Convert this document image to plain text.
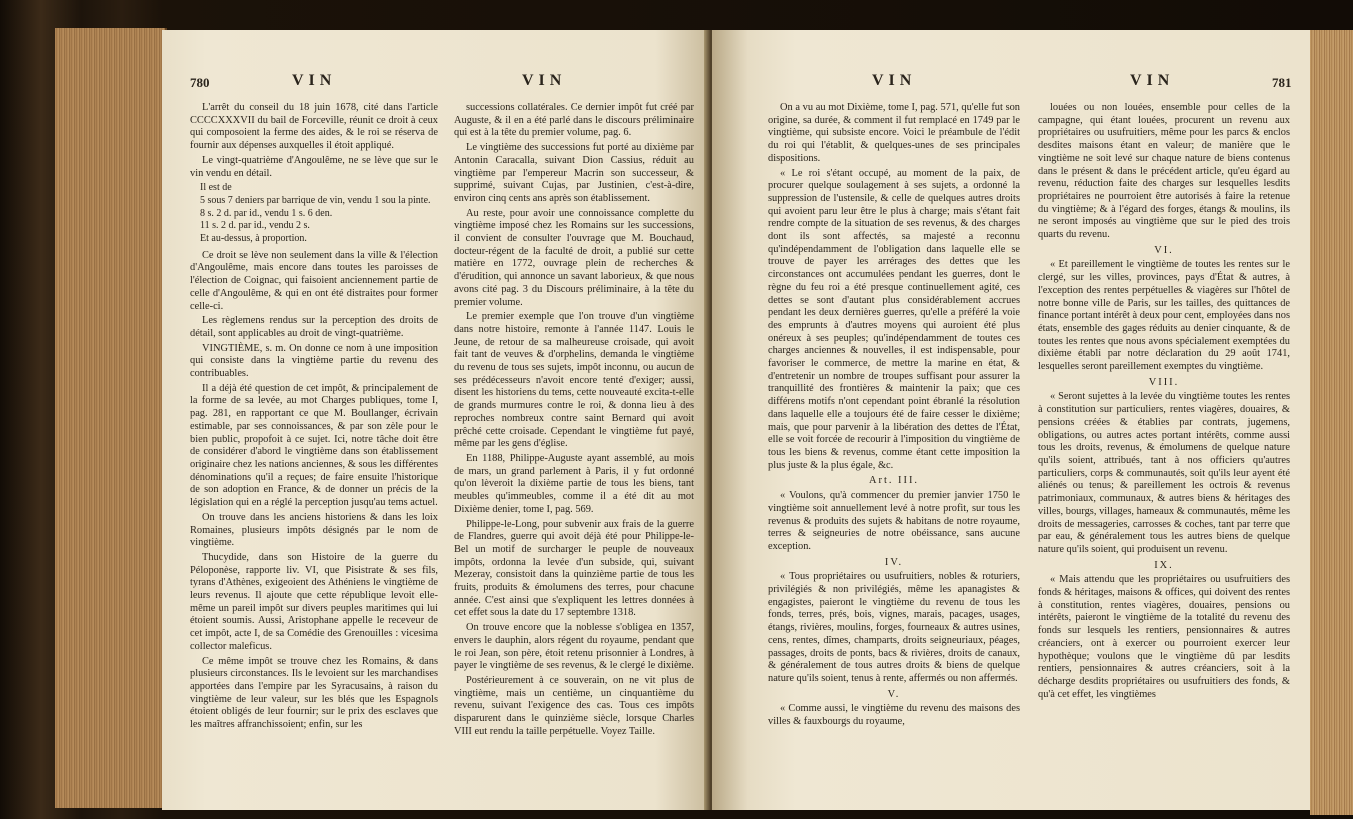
780	VIN	VIN

L'arrêt du conseil du 18 juin 1678, cité dans l'article CCCCXXXVII du bail de Forceville, réunit ce droit à ceux qui composoient la ferme des aides, & le roi se réserva de fournir aux dépenses auxquelles il étoit appliqué.

Le vingt-quatrième d'Angoulême, ne se lève que sur le vin vendu en détail.

Il est de
5 sous 7 deniers par barrique de vin, vendu 1 sou la pinte.
8 s. 2 d. par id., vendu 1 s. 6 den.
11 s. 2 d. par id., vendu 2 s.
Et au-dessus, à proportion.

Ce droit se lève non seulement dans la ville & l'élection d'Angoulême, mais encore dans toutes les paroisses de l'élection de Coignac, qui faisoient anciennement partie de celle d'Angoulême, & qui en ont été distraites pour former celle-ci.

Les règlemens rendus sur la perception des droits de détail, sont applicables au droit de vingt-quatrième.

VINGTIÈME, s. m. On donne ce nom à une imposition qui consiste dans la vingtième partie du revenu des contribuables.

Il a déjà été question de cet impôt, & principalement de la forme de sa levée, au mot Charges publiques, tome I, pag. 281, en rapportant ce que M. Boullanger, écrivain estimable, par ses connoissances, & par son zèle pour le bien public, propofoit à ce sujet. Ici, notre tâche doit être de considérer d'abord le vingtième dans son établissement originaire chez les nations anciennes, & sous les différentes dénominations qu'il a reçues; de faire ensuite l'historique de son adoption en France, & de donner un précis de la législation qui en a réglé la perception jusqu'au tems actuel.

On trouve dans les anciens historiens & dans les loix Romaines, plusieurs impôts désignés par le nom de vingtième.

Thucydide, dans son Histoire de la guerre du Péloponèse, rapporte liv. VI, que Pisistrate & ses fils, tyrans d'Athènes, exigeoient des Athéniens le vingtième de leurs revenus. Il ajoute que cette république levoit elle-même un pareil impôt sur divers peuples maritimes qui lui étoient soumis. Aussi, Aristophane appelle le receveur de cet impôt, acte I, de sa Comédie des Grenouilles : vicesima collector maleficus.

Ce même impôt se trouve chez les Romains, & dans plusieurs circonstances. Ils le levoient sur les marchandises apportées dans l'empire par les Syracusains, à raison du vingtième de leur valeur, sur les blés que les Espagnols étoient obligés de leur fournir; sur le prix des esclaves que les maîtres affranchissoient; enfin, sur les

successions collatérales. Ce dernier impôt fut créé par Auguste, & il en a été parlé dans le discours préliminaire qui est à la tête du premier volume, pag. 6.

Le vingtième des successions fut porté au dixième par Antonin Caracalla, suivant Dion Cassius, réduit au vingtième par l'empereur Macrin son successeur, & supprimé, suivant Cujas, par Justinien, c'est-à-dire, environ cinq cents ans après son établissement.

Au reste, pour avoir une connoissance complette du vingtième imposé chez les Romains sur les successions, il convient de consulter l'ouvrage que M. Bouchaud, docteur-régent de la faculté de droit, a publié sur cette matière en 1772, ouvrage plein de recherches & d'érudition, qui annonce un savant laborieux, & que nous avons cité pag. 3 du Discours préliminaire, à la tête du premier volume.

Le premier exemple que l'on trouve d'un vingtième dans notre histoire, remonte à l'année 1147. Louis le Jeune, de retour de sa malheureuse croisade, qui avoit fait tant de veuves & d'orphelins, demanda le vingtième du revenu de tous ses sujets, impôt inconnu, ou aucun de ses prédécesseurs n'avoit encore tenté d'exiger; aussi, disent les historiens du tems, cette nouveauté excita-t-elle de grands murmures contre le roi, & donna lieu à des reproches nombreux contre saint Bernard qui avoit prêché cette croisade. Cependant le vingtième fut payé, même par les gens d'église.

En 1188, Philippe-Auguste ayant assemblé, au mois de mars, un grand parlement à Paris, il y fut ordonné qu'on lèveroit la dixième partie de tous les biens, tant meubles qu'immeubles, comme il a été dit au mot Dixième denier, tome I, pag. 569.

Philippe-le-Long, pour subvenir aux frais de la guerre de Flandres, guerre qui avoit déjà été pour Philippe-le-Bel un motif de surcharger le peuple de nouveaux impôts, ordonna la levée d'un subside, qui, suivant Mezeray, consistoit dans la quinzième partie de tous les fruits, produits & émolumens des terres, pour chacune année. C'est ainsi que s'expliquent les lettres données à cet effet sous la date du 17 septembre 1318.

On trouve encore que la noblesse s'obligea en 1357, envers le dauphin, alors régent du royaume, pendant que le roi Jean, son père, étoit retenu prisonnier à Londres, à payer le vingtième de ses revenus, & le clergé le dixième.

Postérieurement à ce souverain, on ne vit plus de vingtième, mais un centième, un cinquantième du revenu, suivant l'exigence des cas. Tous ces impôts disparurent dans le quinzième siècle, lorsque Charles VIII eut rendu la taille perpétuelle. Voyez Taille.

VIN	VIN	781

On a vu au mot Dixième, tome I, pag. 571, qu'elle fut son origine, sa durée, & comment il fut remplacé en 1749 par le vingtième, qui subsiste encore. Voici le préambule de l'édit du roi qui l'établit, & quelques-unes de ses principales dispositions.

« Le roi s'étant occupé, au moment de la paix, de procurer quelque soulagement à ses sujets, a ordonné la suppression de l'ustensile, & celle de quelques autres droits qui avoient paru leur être le plus à charge; mais s'étant fait rendre compte de la situation de ses revenus, & des charges dont ils sont affectés, sa majesté a reconnu qu'indépendamment de l'obligation dans laquelle elle se trouve de payer les arrérages des dettes que les circonstances ont accumulées pendant les guerres, dont le règne du feu roi a été presque continuellement agité, ces dettes se sont d'autant plus considérablement accrues pendant les deux dernières guerres, qu'elle a préféré la voie des emprunts à d'autres moyens qui auroient été plus onéreux à ses peuples; qu'indépendamment de toutes ces charges anciennes & nouvelles, il est indispensable, pour favoriser le commerce, de mettre la marine en état, & d'entretenir un nombre de troupes suffisant pour assurer la tranquillité des frontières & maintenir la paix; que ces différens motifs n'ont cependant point ébranlé la résolution dans laquelle elle a toujours été de faire cesser le dixième; mais, que pour parvenir à la libération des dettes de l'État, elle se voit forcée de recourir à l'imposition du vingtième de tous les biens & revenus, comme étant cette imposition la plus juste & la plus égale, &c.

Art. III.

« Voulons, qu'à commencer du premier janvier 1750 le vingtième soit annuellement levé à notre profit, sur tous les revenus & produits des sujets & habitans de notre royaume, terres & seigneuries de notre obéissance, sans aucune exception.

IV.

« Tous propriétaires ou usufruitiers, nobles & roturiers, privilégiés & non privilégiés, même les apanagistes & engagistes, paieront le vingtième du revenu de tous les fonds, terres, prés, bois, vignes, marais, pacages, usages, étangs, rivières, moulins, forges, fourneaux & autres usines, cens, rentes, dîmes, champarts, droits seigneuriaux, péages, passages, droits de ponts, bacs & rivières, droits de canaux, & généralement de tous autres droits & biens de quelque nature qu'ils soient, tenus à rente, affermés ou non affermés.

V.

« Comme aussi, le vingtième du revenu des maisons des villes & fauxbourgs du royaume,

louées ou non louées, ensemble pour celles de la campagne, qui étant louées, procurent un revenu aux propriétaires ou usufruitiers, même pour les parcs & enclos desdites maisons étant en valeur; de manière que le vingtième ne soit levé sur chaque nature de biens contenus dans le présent & dans le précédent article, qu'eu égard au revenu, réduction faite des charges sur lesquelles lesdits propriétaires ne pourroient être autorisés à faire la retenue du vingtième; & à l'égard des forges, étangs & moulins, ils ne seront imposés au vingtième que sur le pied des trois quarts du revenu.

VI.

« Et pareillement le vingtième de toutes les rentes sur le clergé, sur les villes, provinces, pays d'État & autres, à l'exception des rentes perpétuelles & viagères sur l'hôtel de notre bonne ville de Paris, sur les tailles, des quittances de finance portant intérêt à deux pour cent, employées dans nos états, ensemble des gages réduits au denier cinquante, & de toutes les rentes que nous avons spécialement exemptées du dixième établi par notre déclaration du 29 août 1741, lesquelles seront pareillement exemptes du vingtième.

VIII.

« Seront sujettes à la levée du vingtième toutes les rentes à constitution sur particuliers, rentes viagères, douaires, & pensions créées & établies par contrats, jugemens, obligations, ou autres actes portant intérêts, comme aussi tous les droits, revenus, & émolumens de quelque nature qu'ils soient, attribués, tant à nos officiers qu'autres particuliers, corps & communautés, soit qu'ils leur ayent été aliénés ou tenus; & pareillement les octrois & revenus patrimoniaux, communaux, & autres biens & héritages des villes, bourgs, villages, hameaux & communautés, même les droits de messageries, carrosses & coches, tant par terre que par eau, & généralement tous les autres biens de quelque nature qu'ils soient, qui produisent un revenu.

IX.

« Mais attendu que les propriétaires ou usufruitiers des fonds & héritages, maisons & offices, qui doivent des rentes à constitution, rentes viagères, douaires, pensions ou intérêts, paieront le vingtième de la totalité du revenu des fonds sur lesquels les rentiers, pensionnaires & autres créanciers, ont à exercer ou pourroient exercer leur hypothèque; voulons que le vingtième dû par lesdits rentiers, pensionnaires & autres créanciers, soit à la décharge desdits propriétaires ou usufruitiers des fonds, & qu'à cet effet, les vingtièmes
